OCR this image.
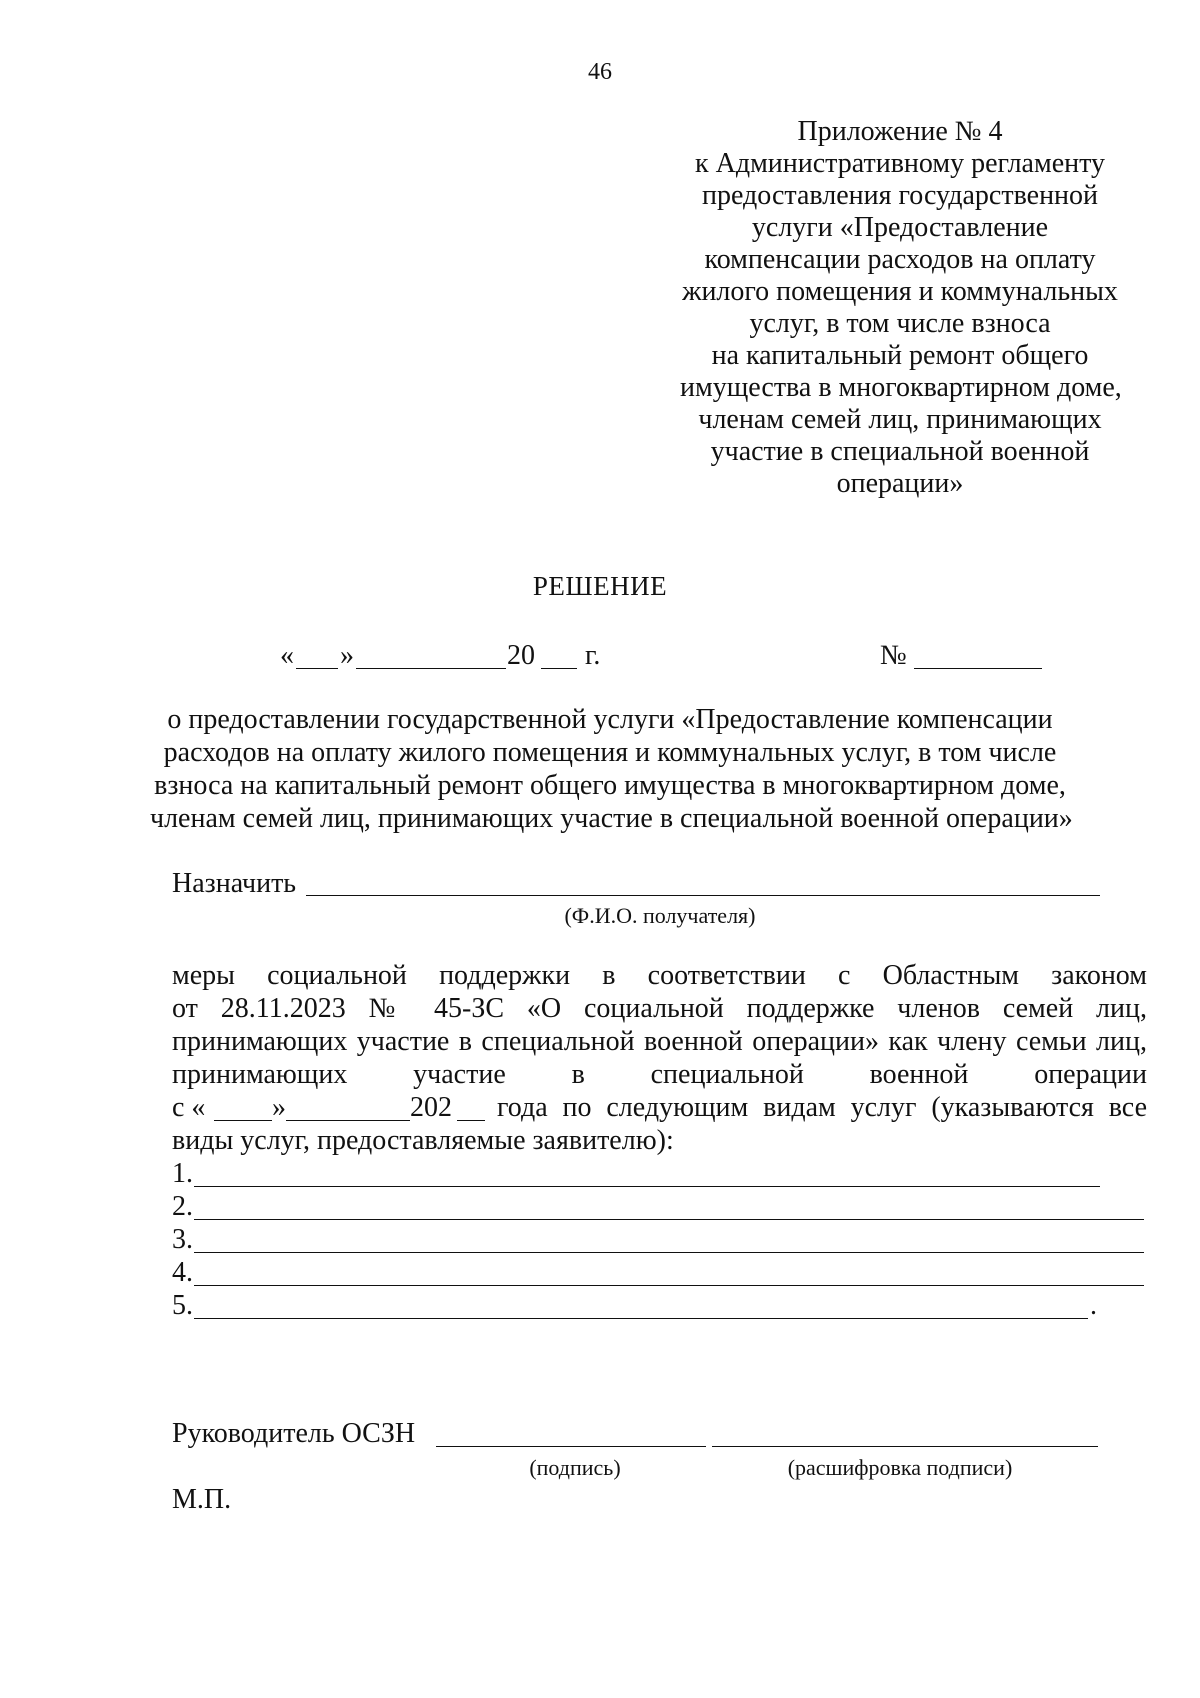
46
Приложение № 4
к Административному регламенту
предоставления государственной
услуги «Предоставление
компенсации расходов на оплату
жилого помещения и коммунальных
услуг, в том числе взноса
на капитальный ремонт общего
имущества в многоквартирном доме,
членам семей лиц, принимающих
участие в специальной военной
операции»
РЕШЕНИЕ
« »	20 г.	№
о предоставлении государственной услуги «Предоставление компенсации
расходов на оплату жилого помещения и коммунальных услуг, в том числе
взноса на капитальный ремонт общего имущества в многоквартирном доме,
членам семей лиц, принимающих участие в специальной военной операции»
Назначить
(Ф.И.О. получателя)
меры социальной поддержки в соответствии с Областным законом
от 28.11.2023 № 45-ЗС «О социальной поддержке членов семей лиц,
принимающих участие в специальной военной операции» как члену семьи лиц,
принимающих участие в специальной военной операции
с « »	202 года по следующим видам услуг (указываются все
виды услуг, предоставляемые заявителю):
1.
2.
3.
4.
5.	.
Руководитель ОСЗН
(подпись)	(расшифровка подписи)
М.П.
